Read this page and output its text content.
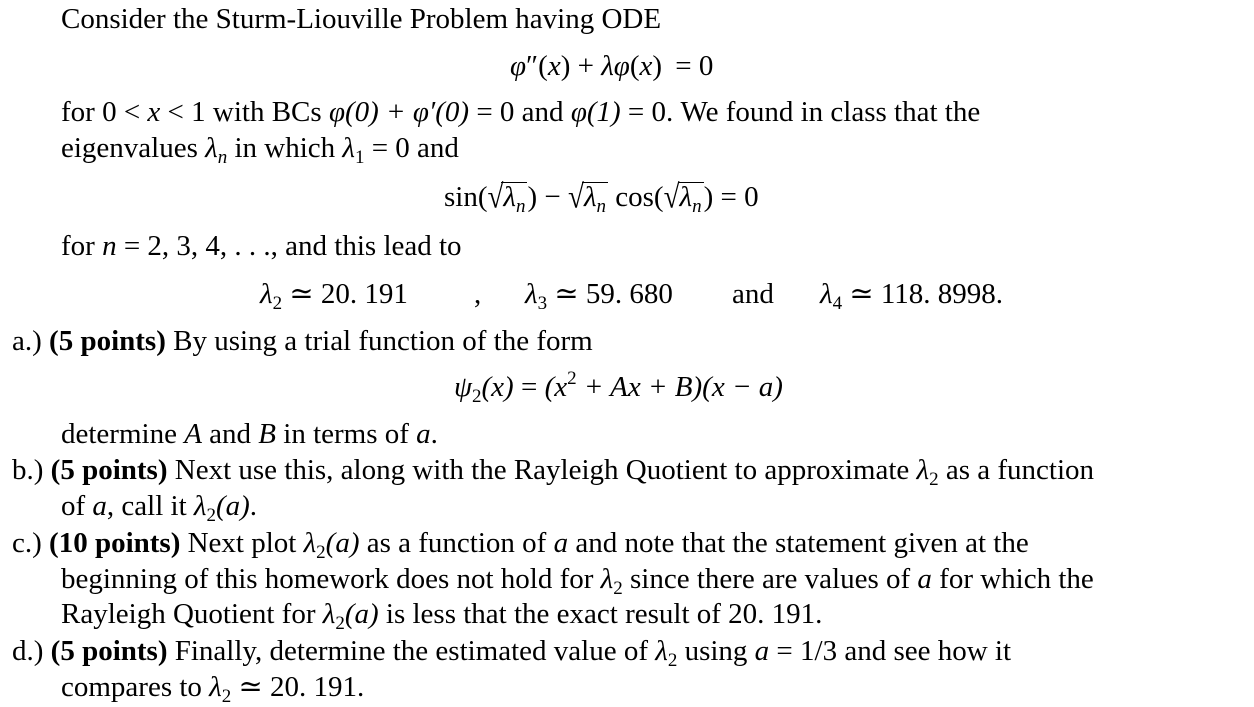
Consider the Sturm-Liouville Problem having ODE
φ″(x) + λφ(x) = 0
for 0 < x < 1 with BCs φ(0) + φ′(0) = 0 and φ(1) = 0. We found in class that the
eigenvalues $\lambda_n$ in which $\lambda_1 = 0$ and
$\sin(√\lambda_n) - √\lambda_n$ $\cos(√\lambda_n) = 0$
for n = 2, 3, 4, . . ., and this lead to
$\lambda_2$ ≃ 20. 191 , $\lambda_3$ ≃ 59. 680 and $\lambda_4$ ≃ 118. 8998.
a.) (5 points) By using a trial function of the form
$\psi_2(x) = (x^2 + Ax + B)(x - a)$
determine A and B in terms of a.
b.) (5 points) Next use this, along with the Rayleigh Quotient to approximate $\lambda_2$ as a function
of a, call it $\lambda_2(a)$.
c.) (10 points) Next plot $\lambda_2(a)$ as a function of a and note that the statement given at the
beginning of this homework does not hold for $\lambda_2$ since there are values of a for which the
Rayleigh Quotient for $\lambda_2(a)$ is less that the exact result of 20. 191.
d.) (5 points) Finally, determine the estimated value of $\lambda_2$ using a = 1/3 and see how it
compares to $\lambda_2$ ≃ 20. 191.
